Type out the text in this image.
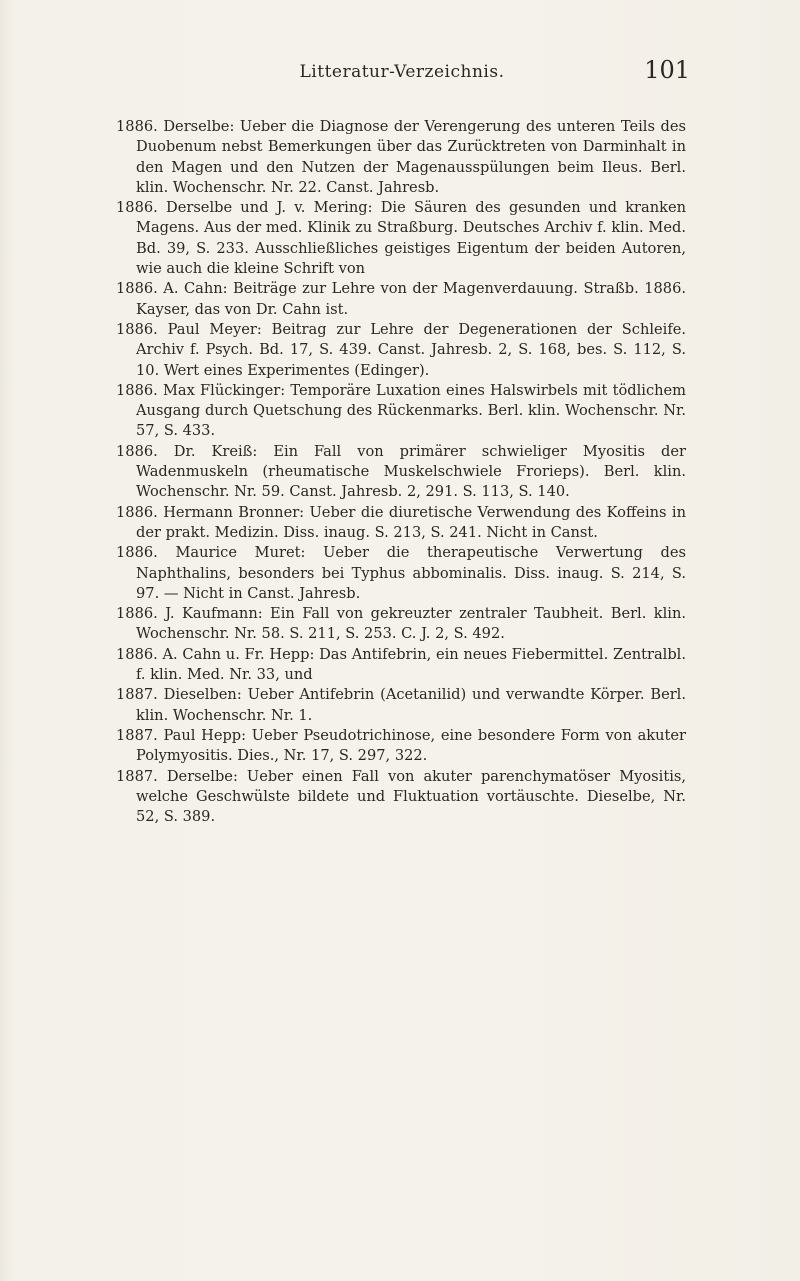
Litteratur-Verzeichnis.	101

1886. Derselbe: Ueber die Diagnose der Verengerung des unteren Teils des Duobenum nebst Bemerkungen über das Zurücktreten von Darminhalt in den Magen und den Nutzen der Magenausspülungen beim Ileus. Berl. klin. Wochenschr. Nr. 22. Canst. Jahresb.

1886. Derselbe und J. v. Mering: Die Säuren des gesunden und kranken Magens. Aus der med. Klinik zu Straßburg. Deutsches Archiv f. klin. Med. Bd. 39, S. 233. Ausschließliches geistiges Eigentum der beiden Autoren, wie auch die kleine Schrift von

1886. A. Cahn: Beiträge zur Lehre von der Magenverdauung. Straßb. 1886. Kayser, das von Dr. Cahn ist.

1886. Paul Meyer: Beitrag zur Lehre der Degenerationen der Schleife. Archiv f. Psych. Bd. 17, S. 439. Canst. Jahresb. 2, S. 168, bes. S. 112, S. 10. Wert eines Experimentes (Edinger).

1886. Max Flückinger: Temporäre Luxation eines Halswirbels mit tödlichem Ausgang durch Quetschung des Rückenmarks. Berl. klin. Wochenschr. Nr. 57, S. 433.

1886. Dr. Kreiß: Ein Fall von primärer schwieliger Myositis der Wadenmuskeln (rheumatische Muskelschwiele Frorieps). Berl. klin. Wochenschr. Nr. 59. Canst. Jahresb. 2, 291. S. 113, S. 140.

1886. Hermann Bronner: Ueber die diuretische Verwendung des Koffeins in der prakt. Medizin. Diss. inaug. S. 213, S. 241. Nicht in Canst.

1886. Maurice Muret: Ueber die therapeutische Verwertung des Naphthalins, besonders bei Typhus abbominalis. Diss. inaug. S. 214, S. 97. — Nicht in Canst. Jahresb.

1886. J. Kaufmann: Ein Fall von gekreuzter zentraler Taubheit. Berl. klin. Wochenschr. Nr. 58. S. 211, S. 253. C. J. 2, S. 492.

1886. A. Cahn u. Fr. Hepp: Das Antifebrin, ein neues Fiebermittel. Zentralbl. f. klin. Med. Nr. 33, und

1887. Dieselben: Ueber Antifebrin (Acetanilid) und verwandte Körper. Berl. klin. Wochenschr. Nr. 1.

1887. Paul Hepp: Ueber Pseudotrichinose, eine besondere Form von akuter Polymyositis. Dies., Nr. 17, S. 297, 322.

1887. Derselbe: Ueber einen Fall von akuter parenchymatöser Myositis, welche Geschwülste bildete und Fluktuation vortäuschte. Dieselbe, Nr. 52, S. 389.
